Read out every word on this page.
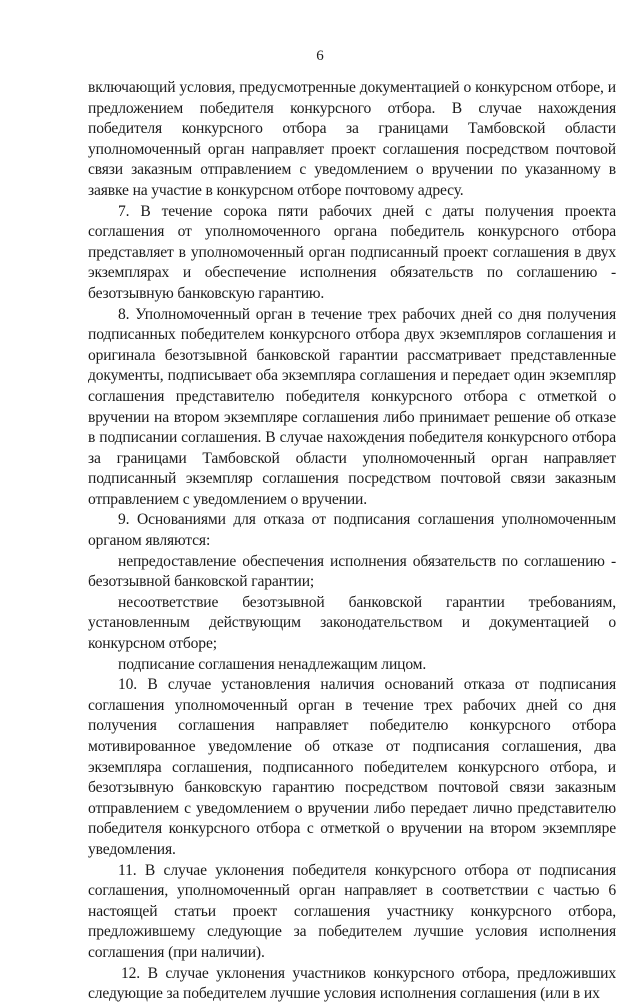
6

включающий условия, предусмотренные документацией о конкурсном отборе, и предложением победителя конкурсного отбора. В случае нахождения победителя конкурсного отбора за границами Тамбовской области уполномоченный орган направляет проект соглашения посредством почтовой связи заказным отправлением с уведомлением о вручении по указанному в заявке на участие в конкурсном отборе почтовому адресу.

7. В течение сорока пяти рабочих дней с даты получения проекта соглашения от уполномоченного органа победитель конкурсного отбора представляет в уполномоченный орган подписанный проект соглашения в двух экземплярах и обеспечение исполнения обязательств по соглашению - безотзывную банковскую гарантию.

8. Уполномоченный орган в течение трех рабочих дней со дня получения подписанных победителем конкурсного отбора двух экземпляров соглашения и оригинала безотзывной банковской гарантии рассматривает представленные документы, подписывает оба экземпляра соглашения и передает один экземпляр соглашения представителю победителя конкурсного отбора с отметкой о вручении на втором экземпляре соглашения либо принимает решение об отказе в подписании соглашения. В случае нахождения победителя конкурсного отбора за границами Тамбовской области уполномоченный орган направляет подписанный экземпляр соглашения посредством почтовой связи заказным отправлением с уведомлением о вручении.

9. Основаниями для отказа от подписания соглашения уполномоченным органом являются:

непредоставление обеспечения исполнения обязательств по соглашению - безотзывной банковской гарантии;

несоответствие безотзывной банковской гарантии требованиям, установленным действующим законодательством и документацией о конкурсном отборе;

подписание соглашения ненадлежащим лицом.

10. В случае установления наличия оснований отказа от подписания соглашения уполномоченный орган в течение трех рабочих дней со дня получения соглашения направляет победителю конкурсного отбора мотивированное уведомление об отказе от подписания соглашения, два экземпляра соглашения, подписанного победителем конкурсного отбора, и безотзывную банковскую гарантию посредством почтовой связи заказным отправлением с уведомлением о вручении либо передает лично представителю победителя конкурсного отбора с отметкой о вручении на втором экземпляре уведомления.

11. В случае уклонения победителя конкурсного отбора от подписания соглашения, уполномоченный орган направляет в соответствии с частью 6 настоящей статьи проект соглашения участнику конкурсного отбора, предложившему следующие за победителем лучшие условия исполнения соглашения (при наличии).

12. В случае уклонения участников конкурсного отбора, предложивших следующие за победителем лучшие условия исполнения соглашения (или в их
